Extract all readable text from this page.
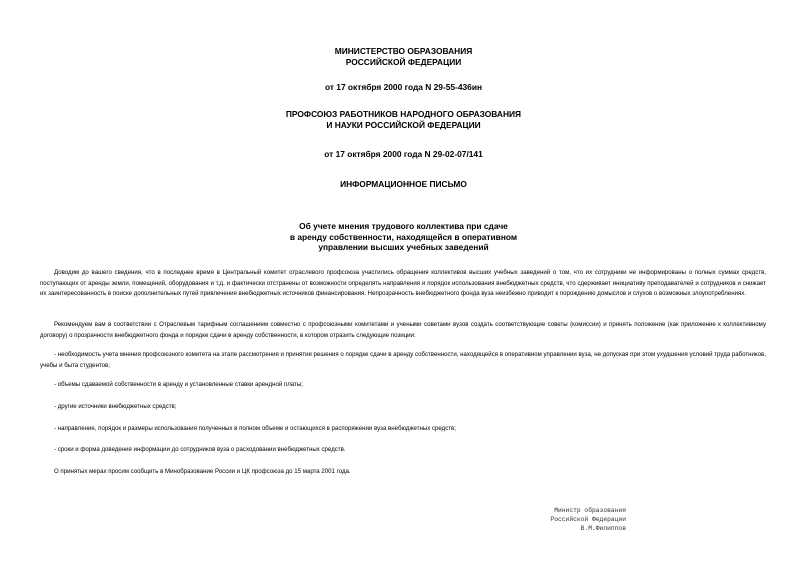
МИНИСТЕРСТВО ОБРАЗОВАНИЯ
РОССИЙСКОЙ ФЕДЕРАЦИИ
от 17 октября 2000 года N 29-55-436ин
ПРОФСОЮЗ РАБОТНИКОВ НАРОДНОГО ОБРАЗОВАНИЯ
И НАУКИ РОССИЙСКОЙ ФЕДЕРАЦИИ
от 17 октября 2000 года N 29-02-07/141
ИНФОРМАЦИОННОЕ ПИСЬМО
Об учете мнения трудового коллектива при сдаче
в аренду собственности, находящейся в оперативном
управлении высших учебных заведений

Доводим до вашего сведения, что в последнее время в Центральный комитет отраслевого профсоюза участились обращения коллективов высших учебных заведений о том, что их сотрудники не информированы о полных суммах средств, поступающих от аренды земли, помещений, оборудования и т.д. и фактически отстранены от возможности определять направления и порядок использования внебюджетных средств, что сдерживает инициативу преподавателей и сотрудников и снижает их заинтересованность в поиске дополнительных путей привлечения внебюджетных источников финансирования. Непрозрачность внебюджетного фонда вуза неизбежно приводит к порождению домыслов и слухов о возможных злоупотреблениях.

Рекомендуем вам в соответствии с Отраслевым тарифным соглашением совместно с профсоюзными комитетами и учеными советами вузов создать соответствующие советы (комиссии) и принять положение (как приложение к коллективному договору) о прозрачности внебюджетного фонда и порядке сдачи в аренду собственности, в котором отразить следующие позиции:

- необходимость учета мнения профсоюзного комитета на этапе рассмотрения и принятия решения о порядке сдачи в аренду собственности, находящейся в оперативном управлении вуза, не допуская при этом ухудшения условий труда работников, учебы и быта студентов;

- объемы сдаваемой собственности в аренду и установленные ставки арендной платы;

- другие источники внебюджетных средств;

- направление, порядок и размеры использования полученных в полном объеме и остающихся в распоряжении вуза внебюджетных средств;

- сроки и форма доведения информации до сотрудников вуза о расходовании внебюджетных средств.

О принятых мерах просим сообщить в Минобразование России и ЦК профсоюза до 15 марта 2001 года.

Министр образования
Российской Федерации
В.М.Филиппов
